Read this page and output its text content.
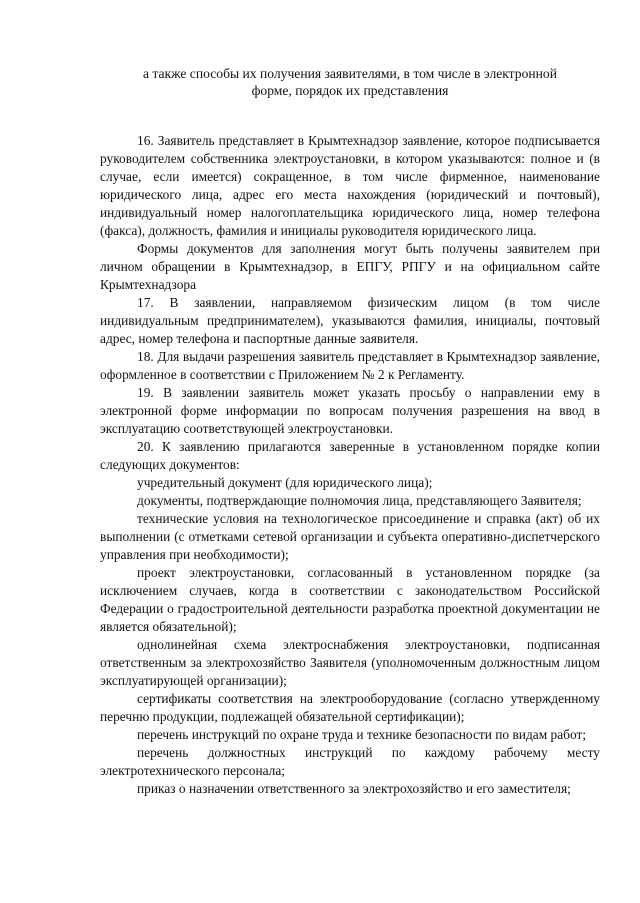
а также способы их получения заявителями, в том числе в электронной
форме, порядок их представления

16. Заявитель представляет в Крымтехнадзор заявление, которое подписывается руководителем собственника электроустановки, в котором указываются: полное и (в случае, если имеется) сокращенное, в том числе фирменное, наименование юридического лица, адрес его места нахождения (юридический и почтовый), индивидуальный номер налогоплательщика юридического лица, номер телефона (факса), должность, фамилия и инициалы руководителя юридического лица.

Формы документов для заполнения могут быть получены заявителем при личном обращении в Крымтехнадзор, в ЕПГУ, РПГУ и на официальном сайте Крымтехнадзора

17. В заявлении, направляемом физическим лицом (в том числе индивидуальным предпринимателем), указываются фамилия, инициалы, почтовый адрес, номер телефона и паспортные данные заявителя.

18. Для выдачи разрешения заявитель представляет в Крымтехнадзор заявление, оформленное в соответствии с Приложением № 2 к Регламенту.

19. В заявлении заявитель может указать просьбу о направлении ему в электронной форме информации по вопросам получения разрешения на ввод в эксплуатацию соответствующей электроустановки.

20. К заявлению прилагаются заверенные в установленном порядке копии следующих документов:

учредительный документ (для юридического лица);

документы, подтверждающие полномочия лица, представляющего Заявителя;

технические условия на технологическое присоединение и справка (акт) об их выполнении (с отметками сетевой организации и субъекта оперативно-диспетчерского управления при необходимости);

проект электроустановки, согласованный в установленном порядке (за исключением случаев, когда в соответствии с законодательством Российской Федерации о градостроительной деятельности разработка проектной документации не является обязательной);

однолинейная схема электроснабжения электроустановки, подписанная ответственным за электрохозяйство Заявителя (уполномоченным должностным лицом эксплуатирующей организации);

сертификаты соответствия на электрооборудование (согласно утвержденному перечню продукции, подлежащей обязательной сертификации);

перечень инструкций по охране труда и технике безопасности по видам работ;

перечень должностных инструкций по каждому рабочему месту электротехнического персонала;

приказ о назначении ответственного за электрохозяйство и его заместителя;
